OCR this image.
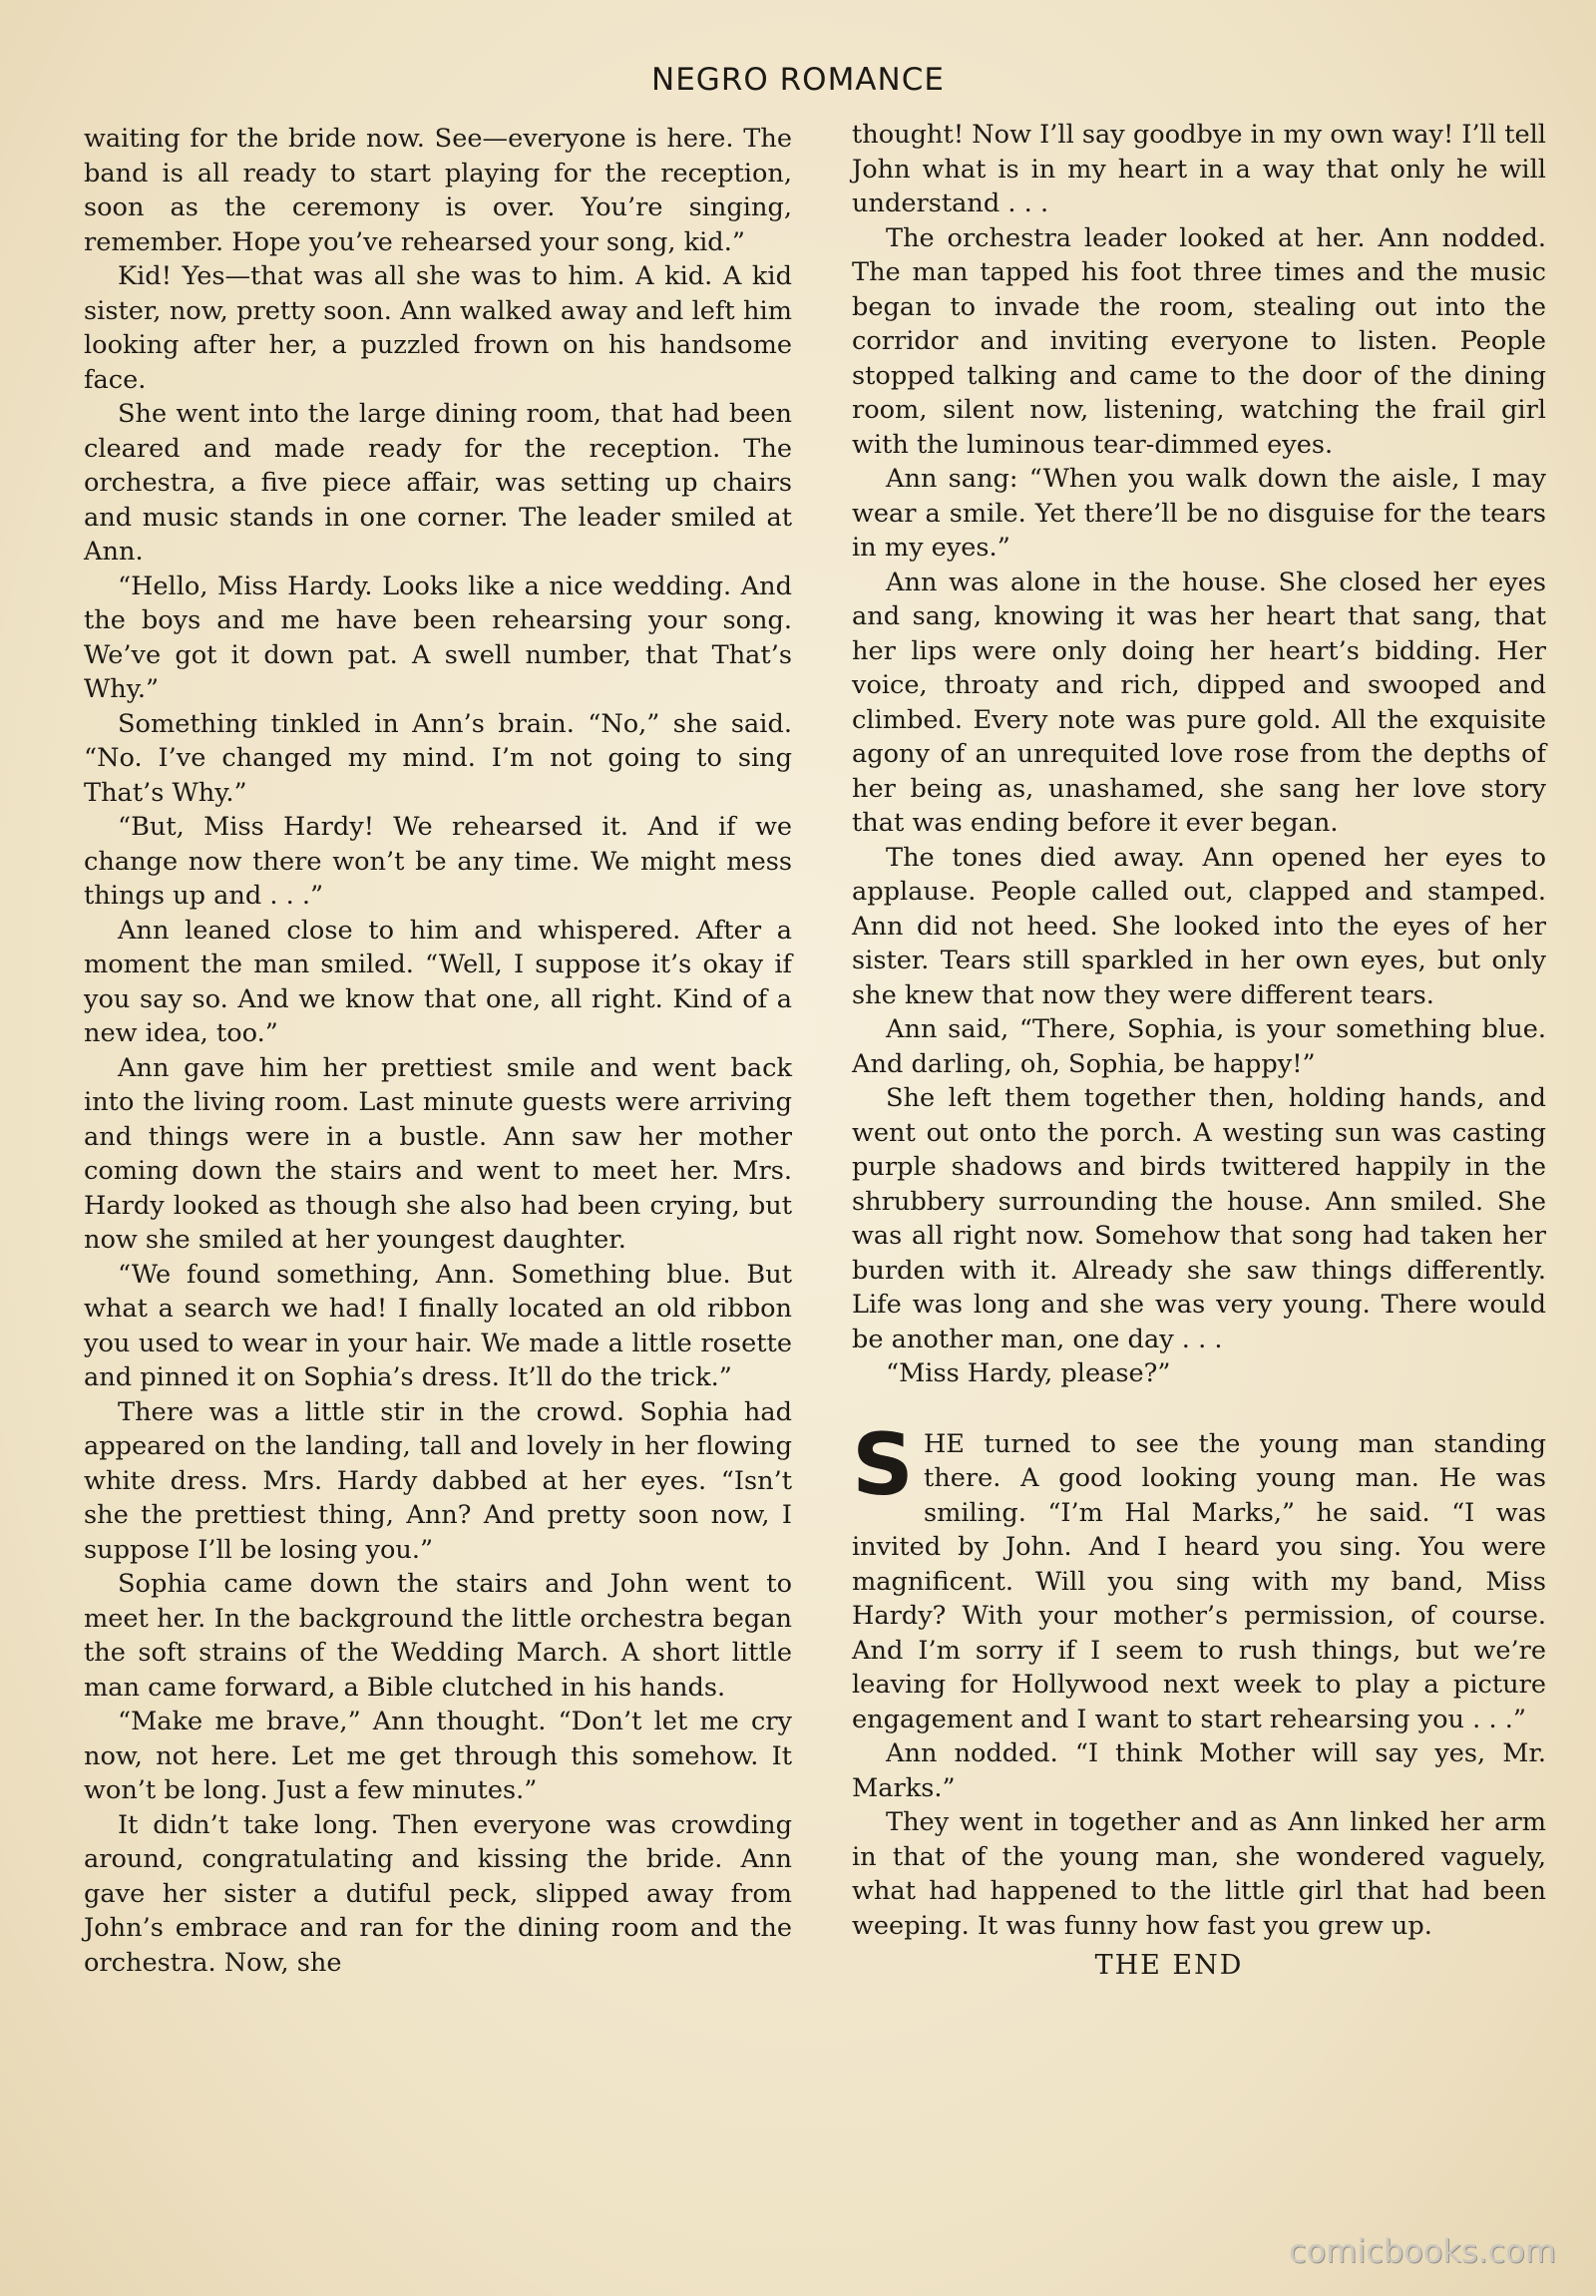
NEGRO ROMANCE

waiting for the bride now. See—everyone is here. The band is all ready to start playing for the reception, soon as the ceremony is over. You’re singing, remember. Hope you’ve rehearsed your song, kid.”

Kid! Yes—that was all she was to him. A kid. A kid sister, now, pretty soon. Ann walked away and left him looking after her, a puzzled frown on his handsome face.

She went into the large dining room, that had been cleared and made ready for the reception. The orchestra, a five piece affair, was setting up chairs and music stands in one corner. The leader smiled at Ann.

“Hello, Miss Hardy. Looks like a nice wedding. And the boys and me have been rehearsing your song. We’ve got it down pat. A swell number, that That’s Why.”

Something tinkled in Ann’s brain. “No,” she said. “No. I’ve changed my mind. I’m not going to sing That’s Why.”

“But, Miss Hardy! We rehearsed it. And if we change now there won’t be any time. We might mess things up and . . .”

Ann leaned close to him and whispered. After a moment the man smiled. “Well, I suppose it’s okay if you say so. And we know that one, all right. Kind of a new idea, too.”

Ann gave him her prettiest smile and went back into the living room. Last minute guests were arriving and things were in a bustle. Ann saw her mother coming down the stairs and went to meet her. Mrs. Hardy looked as though she also had been crying, but now she smiled at her youngest daughter.

“We found something, Ann. Something blue. But what a search we had! I finally located an old ribbon you used to wear in your hair. We made a little rosette and pinned it on Sophia’s dress. It’ll do the trick.”

There was a little stir in the crowd. Sophia had appeared on the landing, tall and lovely in her flowing white dress. Mrs. Hardy dabbed at her eyes. “Isn’t she the prettiest thing, Ann? And pretty soon now, I suppose I’ll be losing you.”

Sophia came down the stairs and John went to meet her. In the background the little orchestra began the soft strains of the Wedding March. A short little man came forward, a Bible clutched in his hands.

“Make me brave,” Ann thought. “Don’t let me cry now, not here. Let me get through this somehow. It won’t be long. Just a few minutes.”

It didn’t take long. Then everyone was crowding around, congratulating and kissing the bride. Ann gave her sister a dutiful peck, slipped away from John’s embrace and ran for the dining room and the orchestra. Now, she

thought! Now I’ll say goodbye in my own way! I’ll tell John what is in my heart in a way that only he will understand . . .

The orchestra leader looked at her. Ann nodded. The man tapped his foot three times and the music began to invade the room, stealing out into the corridor and inviting everyone to listen. People stopped talking and came to the door of the dining room, silent now, listening, watching the frail girl with the luminous tear-dimmed eyes.

Ann sang: “When you walk down the aisle, I may wear a smile. Yet there’ll be no disguise for the tears in my eyes.”

Ann was alone in the house. She closed her eyes and sang, knowing it was her heart that sang, that her lips were only doing her heart’s bidding. Her voice, throaty and rich, dipped and swooped and climbed. Every note was pure gold. All the exquisite agony of an unrequited love rose from the depths of her being as, unashamed, she sang her love story that was ending before it ever began.

The tones died away. Ann opened her eyes to applause. People called out, clapped and stamped. Ann did not heed. She looked into the eyes of her sister. Tears still sparkled in her own eyes, but only she knew that now they were different tears.

Ann said, “There, Sophia, is your something blue. And darling, oh, Sophia, be happy!”

She left them together then, holding hands, and went out onto the porch. A westing sun was casting purple shadows and birds twittered happily in the shrubbery surrounding the house. Ann smiled. She was all right now. Somehow that song had taken her burden with it. Already she saw things differently. Life was long and she was very young. There would be another man, one day . . .

“Miss Hardy, please?”

SHE turned to see the young man standing there. A good looking young man. He was smiling. “I’m Hal Marks,” he said. “I was invited by John. And I heard you sing. You were magnificent. Will you sing with my band, Miss Hardy? With your mother’s permission, of course. And I’m sorry if I seem to rush things, but we’re leaving for Hollywood next week to play a picture engagement and I want to start rehearsing you . . .”

Ann nodded. “I think Mother will say yes, Mr. Marks.”

They went in together and as Ann linked her arm in that of the young man, she wondered vaguely, what had happened to the little girl that had been weeping. It was funny how fast you grew up.

THE END
comicbooks.com
